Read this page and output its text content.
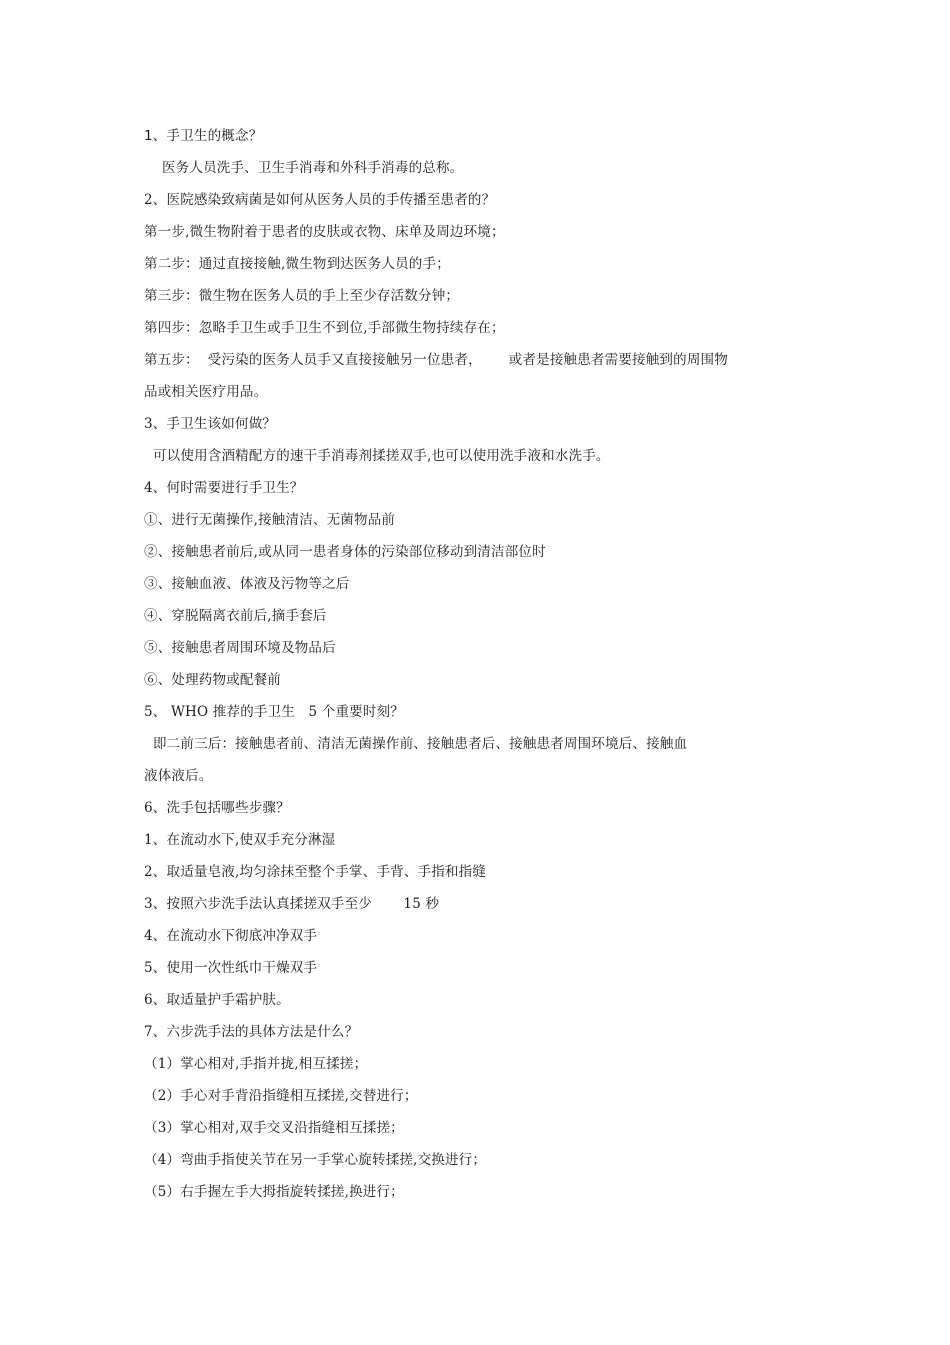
1、手卫生的概念？
医务人员洗手、卫生手消毒和外科手消毒的总称。
2、医院感染致病菌是如何从医务人员的手传播至患者的？
第一步,微生物附着于患者的皮肤或衣物、床单及周边环境；
第二步：通过直接接触,微生物到达医务人员的手；
第三步：微生物在医务人员的手上至少存活数分钟；
第四步：忽略手卫生或手卫生不到位,手部微生物持续存在；
第五步：  受污染的医务人员手又直接接触另一位患者，      或者是接触患者需要接触到的周围物
品或相关医疗用品。
3、手卫生该如何做？
可以使用含酒精配方的速干手消毒剂揉搓双手,也可以使用洗手液和水洗手。
4、何时需要进行手卫生？
①、进行无菌操作,接触清洁、无菌物品前
②、接触患者前后,或从同一患者身体的污染部位移动到清洁部位时
③、接触血液、体液及污物等之后
④、穿脱隔离衣前后,摘手套后
⑤、接触患者周围环境及物品后
⑥、处理药物或配餐前
5、 WHO 推荐的手卫生   5 个重要时刻？
即二前三后：接触患者前、清洁无菌操作前、接触患者后、接触患者周围环境后、接触血
液体液后。
6、洗手包括哪些步骤？
1、在流动水下,使双手充分淋湿
2、取适量皂液,均匀涂抹至整个手掌、手背、手指和指缝
3、按照六步洗手法认真揉搓双手至少       15 秒
4、在流动水下彻底冲净双手
5、使用一次性纸巾干燥双手
6、取适量护手霜护肤。
7、六步洗手法的具体方法是什么？
（1）掌心相对,手指并拢,相互揉搓；
（2）手心对手背沿指缝相互揉搓,交替进行；
（3）掌心相对,双手交叉沿指缝相互揉搓；
（4）弯曲手指使关节在另一手掌心旋转揉搓,交换进行；
（5）右手握左手大拇指旋转揉搓,换进行；
